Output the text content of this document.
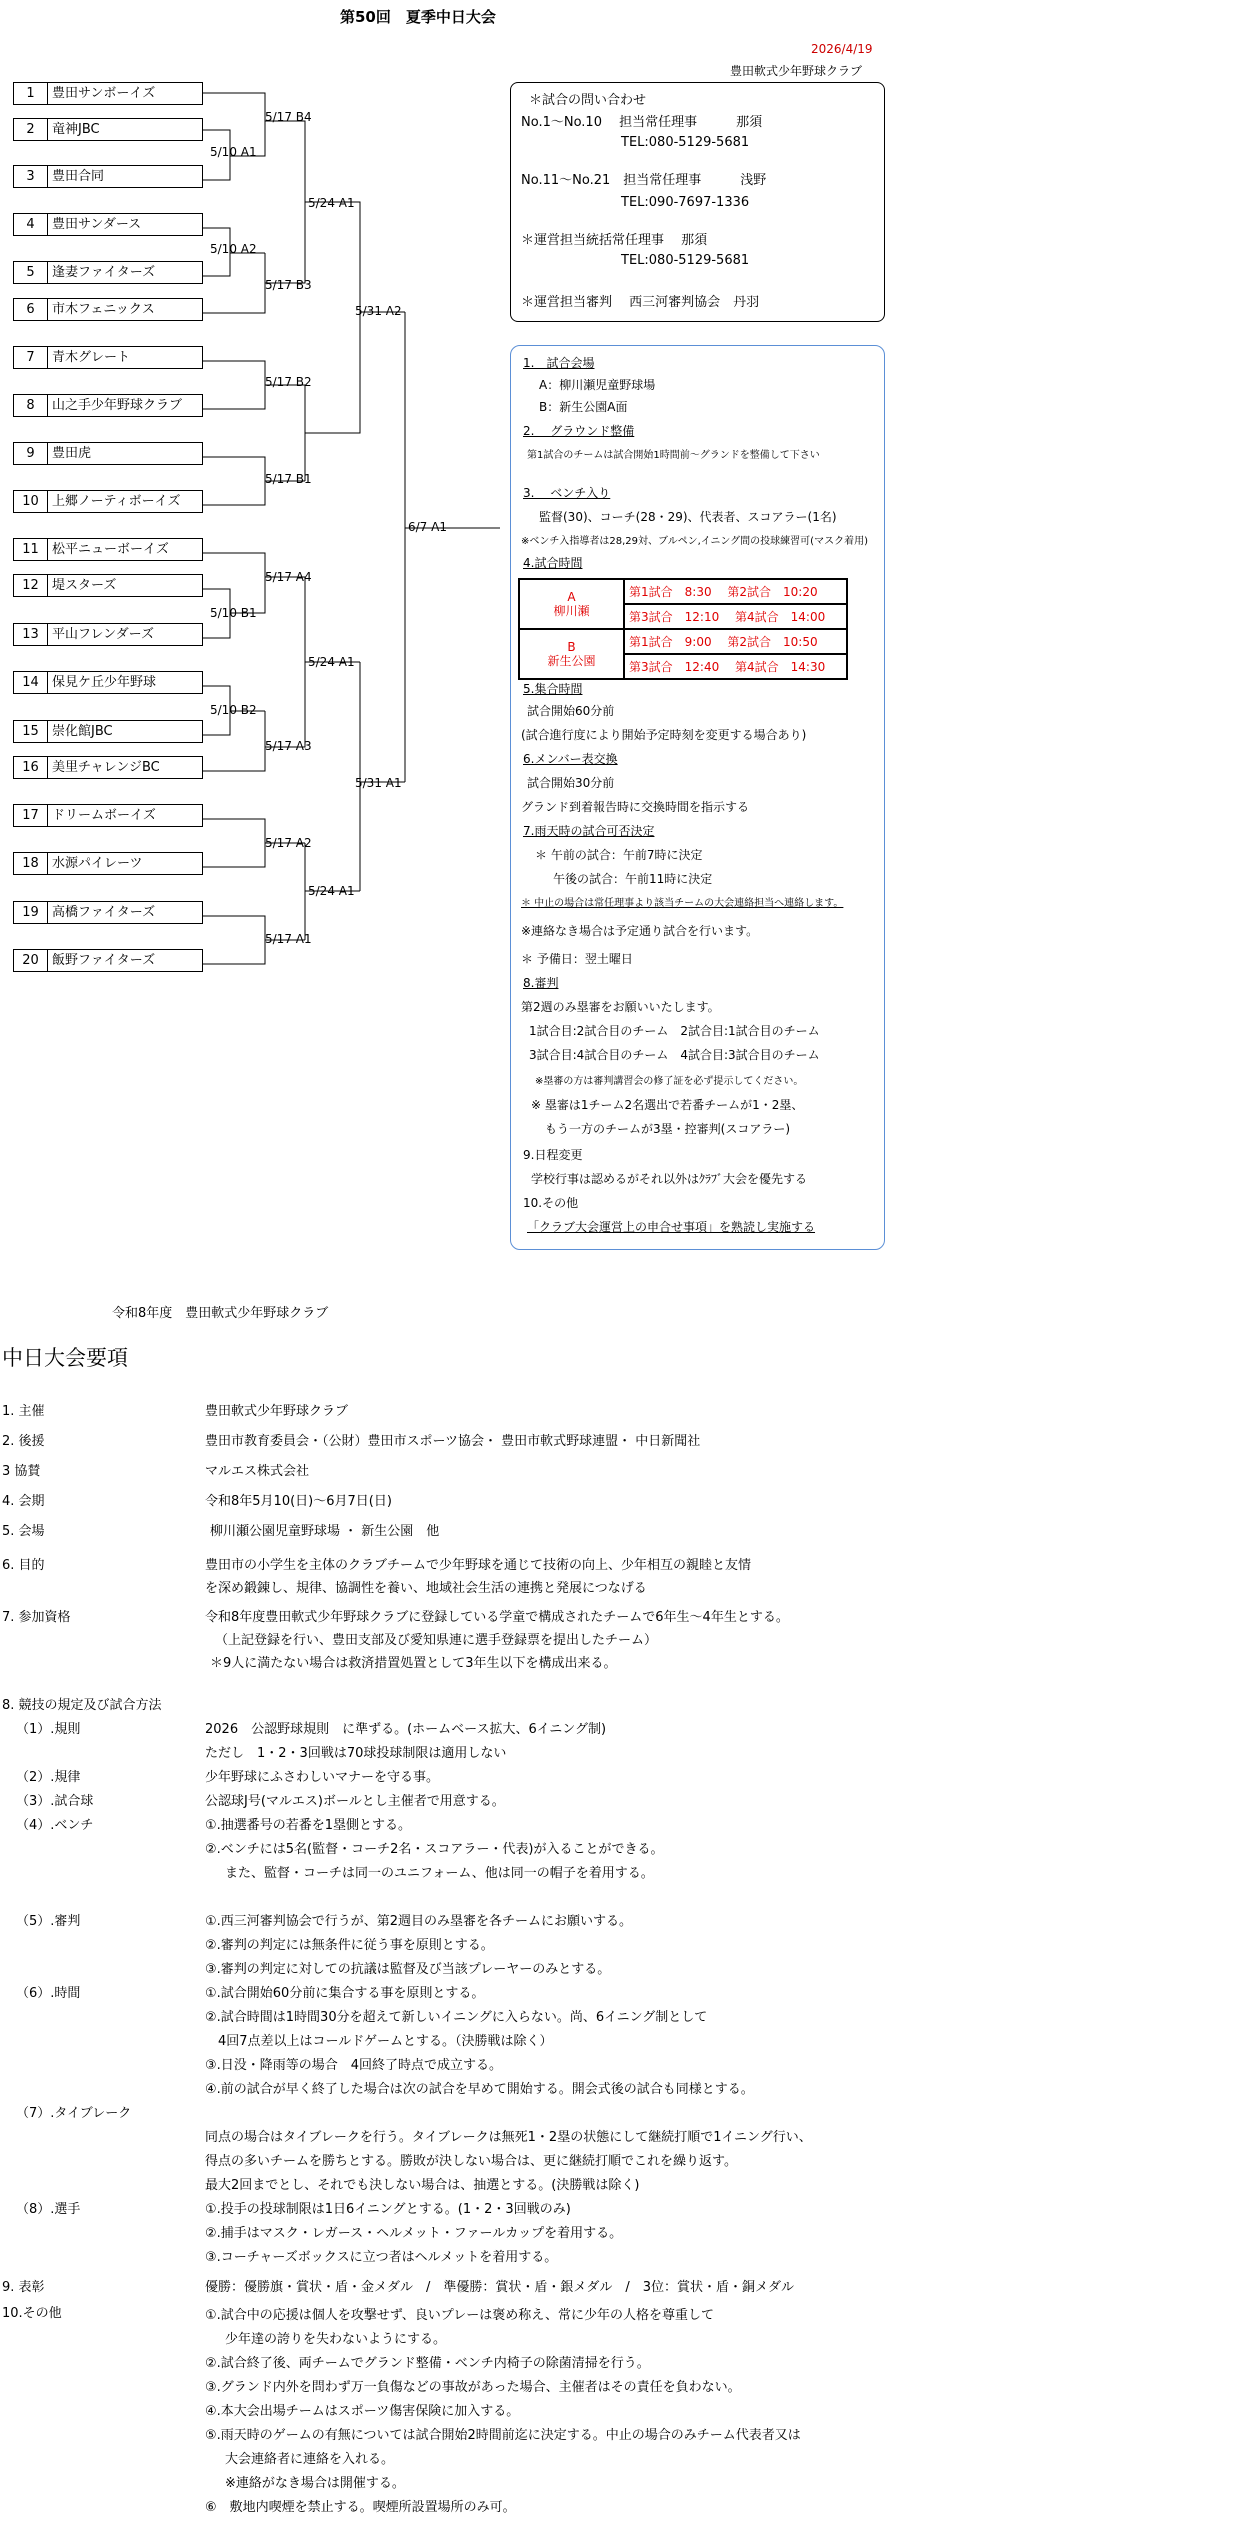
第50回　夏季中日大会
2026/4/19
豊田軟式少年野球クラブ
1	豊田サンボーイズ
2	竜神JBC
3	豊田合同
4	豊田サンダース
5	逢妻ファイターズ
6	市木フェニックス
7	青木グレート
8	山之手少年野球クラブ
9	豊田虎
10	上郷ノーティボーイズ
11	松平ニューボーイズ
12	堤スターズ
13	平山フレンダーズ
14	保見ケ丘少年野球
15	崇化館JBC
16	美里チャレンジBC
17	ドリームボーイズ
18	水源パイレーツ
19	高橋ファイターズ
20	飯野ファイターズ
5/17 B4
5/10 A1
5/24 A1
5/10 A2
5/17 B3
5/31 A2
5/17 B2
5/17 B1
6/7 A1
5/17 A4
5/10 B1
5/24 A1
5/10 B2
5/17 A3
5/31 A1
5/17 A2
5/24 A1
5/17 A1
＊試合の問い合わせ
No.1～No.10　 担当常任理事　　　那須
TEL:080-5129-5681
No.11～No.21　担当常任理事　　　浅野
TEL:090-7697-1336
＊運営担当統括常任理事　 那須
TEL:080-5129-5681
＊運営担当審判　 西三河審判協会　丹羽
1.　試合会場
A：柳川瀬児童野球場
B：新生公園A面
2.　 グラウンド整備
第1試合のチームは試合開始1時間前～グランドを整備して下さい
3.　 ベンチ入り
監督(30)、コーチ(28・29)、代表者、スコアラー(1名)
※ベンチ入指導者は28,29対、ブルペン,イニング間の投球練習可(マスク着用)
4.試合時間
A
柳川瀬	第1試合　8:30　 第2試合　10:20
	第3試合　12:10　 第4試合　14:00

B
新生公園	第1試合　9:00　 第2試合　10:50
	第3試合　12:40　 第4試合　14:30
5.集合時間
試合開始60分前
(試合進行度により開始予定時刻を変更する場合あり)
6.メンバー表交換
試合開始30分前
グランド到着報告時に交換時間を指示する
7.雨天時の試合可否決定
＊ 午前の試合：午前7時に決定
午後の試合：午前11時に決定
＊ 中止の場合は常任理事より該当チームの大会連絡担当へ連絡します。
※連絡なき場合は予定通り試合を行います。
＊ 予備日：翌土曜日
8.審判
第2週のみ塁審をお願いいたします。
1試合目:2試合目のチーム　2試合目:1試合目のチーム
3試合目:4試合目のチーム　4試合目:3試合目のチーム
※塁審の方は審判講習会の修了証を必ず提示してください。
※ 塁審は1チーム2名選出で若番チームが1・2塁、
もう一方のチームが3塁・控審判(スコアラー)
9.日程変更
学校行事は認めるがそれ以外はｸﾗﾌﾞ大会を優先する
10.その他
「クラブ大会運営上の申合せ事項」を熟読し実施する
令和8年度　豊田軟式少年野球クラブ
中日大会要項
1. 主催	豊田軟式少年野球クラブ
2. 後援	豊田市教育委員会・（公財）豊田市スポーツ協会・ 豊田市軟式野球連盟・ 中日新聞社
3 協賛	マルエス株式会社
4. 会期	令和8年5月10(日)～6月7日(日)
5. 会場	柳川瀬公園児童野球場 ・ 新生公園　他
6. 目的	豊田市の小学生を主体のクラブチームで少年野球を通じて技術の向上、少年相互の親睦と友情
を深め鍛錬し、規律、協調性を養い、地域社会生活の連携と発展につなげる
7. 参加資格	令和8年度豊田軟式少年野球クラブに登録している学童で構成されたチームで6年生～4年生とする。
（上記登録を行い、豊田支部及び愛知県連に選手登録票を提出したチーム）
＊9人に満たない場合は救済措置処置として3年生以下を構成出来る。
8. 競技の規定及び試合方法
（1）.規則	2026　公認野球規則　に準ずる。(ホームベース拡大、6イニング制)
ただし　1・2・3回戦は70球投球制限は適用しない
（2）.規律	少年野球にふさわしいマナーを守る事。
（3）.試合球	公認球J号(マルエス)ボールとし主催者で用意する。
（4）.ベンチ	①.抽選番号の若番を1塁側とする。
②.ベンチには5名(監督・コーチ2名・スコアラー・代表)が入ることができる。
また、監督・コーチは同一のユニフォーム、他は同一の帽子を着用する。
（5）.審判	①.西三河審判協会で行うが、第2週目のみ塁審を各チームにお願いする。
②.審判の判定には無条件に従う事を原則とする。
③.審判の判定に対しての抗議は監督及び当該プレーヤーのみとする。
（6）.時間	①.試合開始60分前に集合する事を原則とする。
②.試合時間は1時間30分を超えて新しいイニングに入らない。尚、6イニング制として
4回7点差以上はコールドゲームとする。（決勝戦は除く）
③.日没・降雨等の場合　4回終了時点で成立する。
④.前の試合が早く終了した場合は次の試合を早めて開始する。開会式後の試合も同様とする。
（7）.タイブレーク
同点の場合はタイブレークを行う。タイブレークは無死1・2塁の状態にして継続打順で1イニング行い、
得点の多いチームを勝ちとする。勝敗が決しない場合は、更に継続打順でこれを繰り返す。
最大2回までとし、それでも決しない場合は、抽選とする。(決勝戦は除く)
（8）.選手	①.投手の投球制限は1日6イニングとする。(1・2・3回戦のみ)
②.捕手はマスク・レガース・ヘルメット・ファールカップを着用する。
③.コーチャーズボックスに立つ者はヘルメットを着用する。
9. 表彰	優勝：優勝旗・賞状・盾・金メダル　/　準優勝：賞状・盾・銀メダル　/　3位：賞状・盾・銅メダル
10.その他	①.試合中の応援は個人を攻撃せず、良いプレーは褒め称え、常に少年の人格を尊重して
少年達の誇りを失わないようにする。
②.試合終了後、両チームでグランド整備・ベンチ内椅子の除菌清掃を行う。
③.グランド内外を問わず万一負傷などの事故があった場合、主催者はその責任を負わない。
④.本大会出場チームはスポーツ傷害保険に加入する。
⑤.雨天時のゲームの有無については試合開始2時間前迄に決定する。中止の場合のみチーム代表者又は
大会連絡者に連絡を入れる。
※連絡がなき場合は開催する。
⑥　敷地内喫煙を禁止する。喫煙所設置場所のみ可。
